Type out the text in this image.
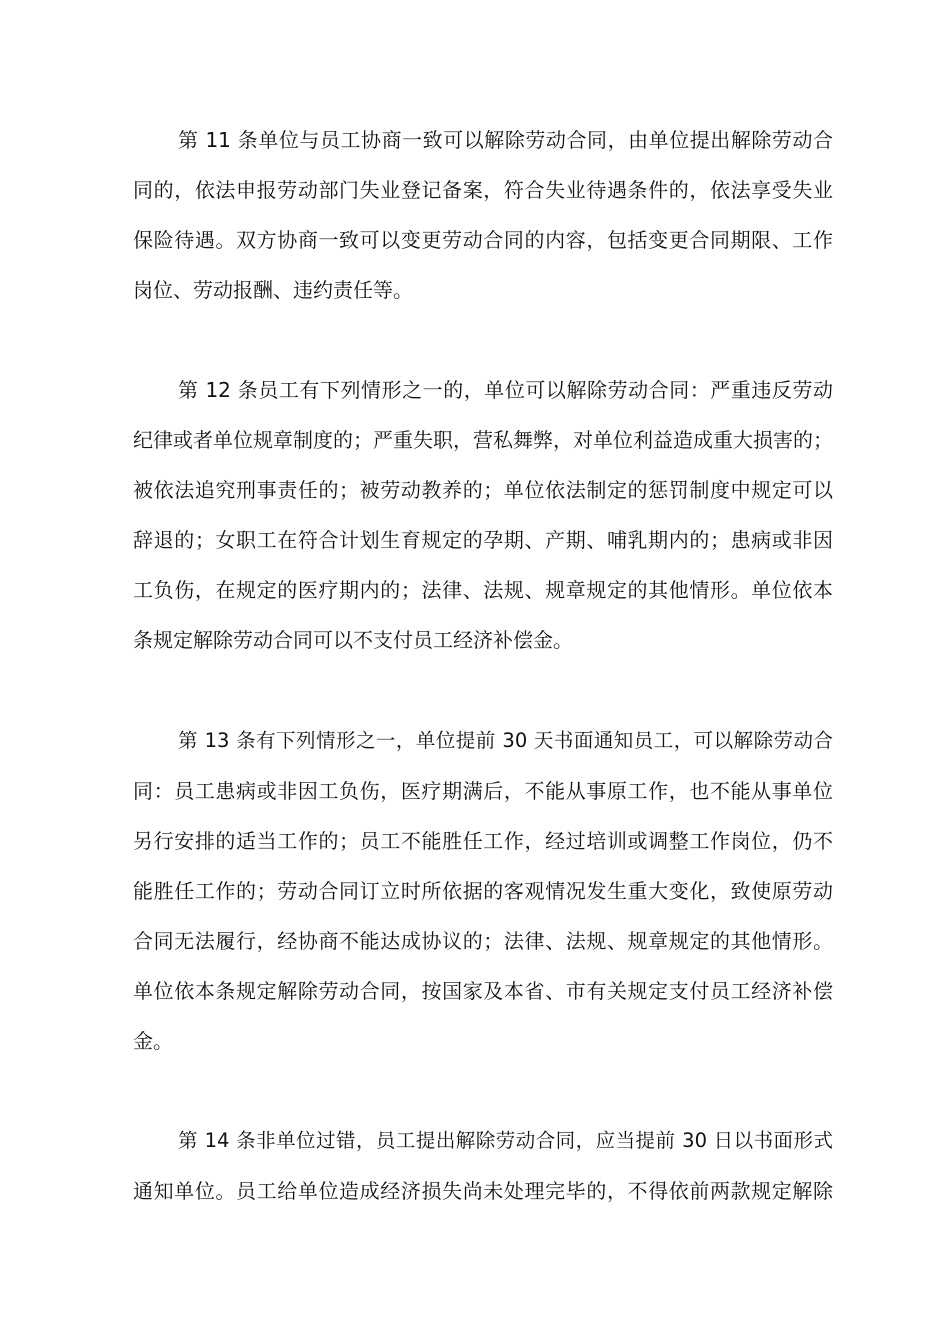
第 11 条单位与员工协商一致可以解除劳动合同，由单位提出解除劳动合
同的，依法申报劳动部门失业登记备案，符合失业待遇条件的，依法享受失业
保险待遇。双方协商一致可以变更劳动合同的内容，包括变更合同期限、工作
岗位、劳动报酬、违约责任等。
第 12 条员工有下列情形之一的，单位可以解除劳动合同：严重违反劳动
纪律或者单位规章制度的；严重失职，营私舞弊，对单位利益造成重大损害的；
被依法追究刑事责任的；被劳动教养的；单位依法制定的惩罚制度中规定可以
辞退的；女职工在符合计划生育规定的孕期、产期、哺乳期内的；患病或非因
工负伤，在规定的医疗期内的；法律、法规、规章规定的其他情形。单位依本
条规定解除劳动合同可以不支付员工经济补偿金。
第 13 条有下列情形之一，单位提前 30 天书面通知员工，可以解除劳动合
同：员工患病或非因工负伤，医疗期满后，不能从事原工作，也不能从事单位
另行安排的适当工作的；员工不能胜任工作，经过培训或调整工作岗位，仍不
能胜任工作的；劳动合同订立时所依据的客观情况发生重大变化，致使原劳动
合同无法履行，经协商不能达成协议的；法律、法规、规章规定的其他情形。
单位依本条规定解除劳动合同，按国家及本省、市有关规定支付员工经济补偿
金。
第 14 条非单位过错，员工提出解除劳动合同，应当提前 30 日以书面形式
通知单位。员工给单位造成经济损失尚未处理完毕的，不得依前两款规定解除
